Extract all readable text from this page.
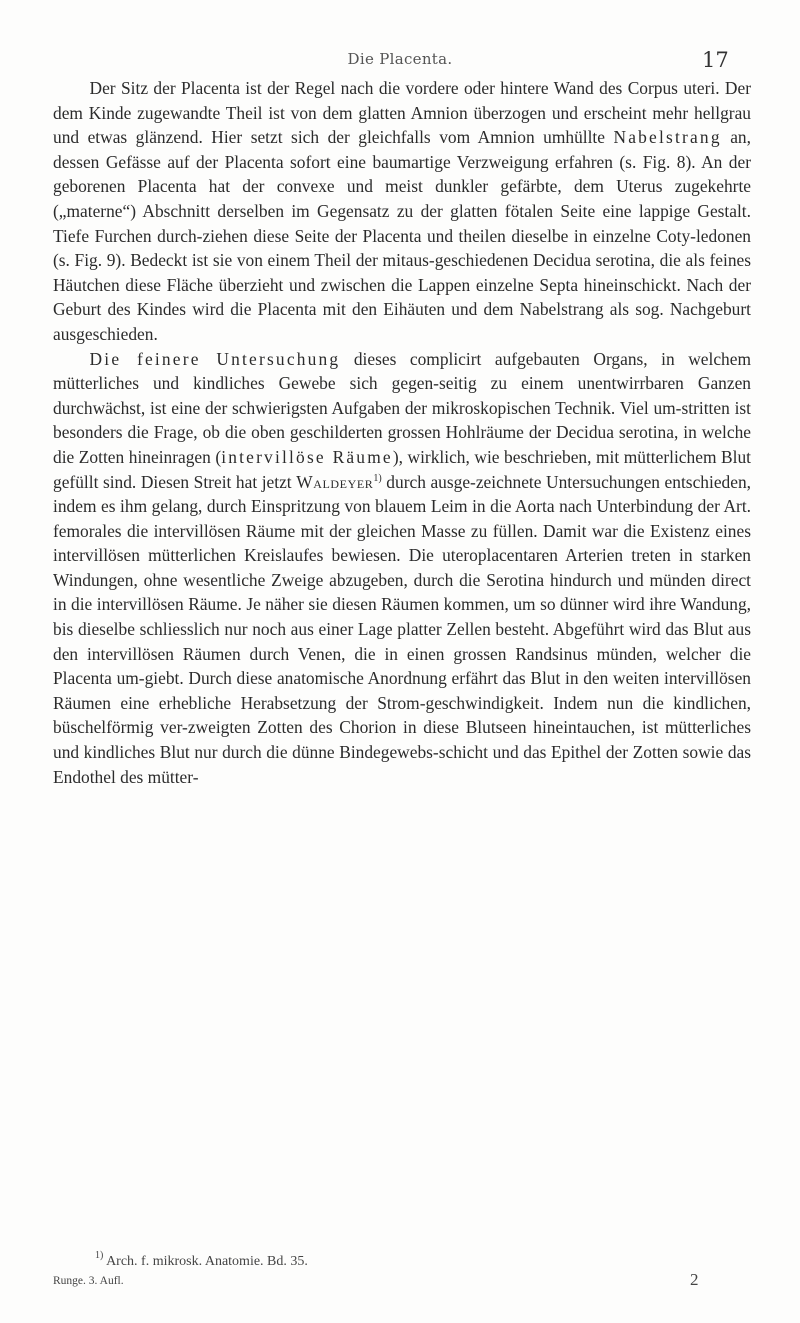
Die Placenta.	17

Der Sitz der Placenta ist der Regel nach die vordere oder hintere Wand des Corpus uteri. Der dem Kinde zugewandte Theil ist von dem glatten Amnion überzogen und erscheint mehr hellgrau und etwas glänzend. Hier setzt sich der gleichfalls vom Amnion umhüllte Nabelstrang an, dessen Gefässe auf der Placenta sofort eine baumartige Verzweigung erfahren (s. Fig. 8). An der geborenen Placenta hat der convexe und meist dunkler gefärbte, dem Uterus zugekehrte („materne“) Abschnitt derselben im Gegensatz zu der glatten fötalen Seite eine lappige Gestalt. Tiefe Furchen durch-ziehen diese Seite der Placenta und theilen dieselbe in einzelne Coty-ledonen (s. Fig. 9). Bedeckt ist sie von einem Theil der mitaus-geschiedenen Decidua serotina, die als feines Häutchen diese Fläche überzieht und zwischen die Lappen einzelne Septa hineinschickt. Nach der Geburt des Kindes wird die Placenta mit den Eihäuten und dem Nabelstrang als sog. Nachgeburt ausgeschieden.

Die feinere Untersuchung dieses complicirt aufgebauten Organs, in welchem mütterliches und kindliches Gewebe sich gegen-seitig zu einem unentwirrbaren Ganzen durchwächst, ist eine der schwierigsten Aufgaben der mikroskopischen Technik. Viel um-stritten ist besonders die Frage, ob die oben geschilderten grossen Hohlräume der Decidua serotina, in welche die Zotten hineinragen (intervillöse Räume), wirklich, wie beschrieben, mit mütterlichem Blut gefüllt sind. Diesen Streit hat jetzt Waldeyer$^{1)}$ durch ausge-zeichnete Untersuchungen entschieden, indem es ihm gelang, durch Einspritzung von blauem Leim in die Aorta nach Unterbindung der Art. femorales die intervillösen Räume mit der gleichen Masse zu füllen. Damit war die Existenz eines intervillösen mütterlichen Kreislaufes bewiesen. Die uteroplacentaren Arterien treten in starken Windungen, ohne wesentliche Zweige abzugeben, durch die Serotina hindurch und münden direct in die intervillösen Räume. Je näher sie diesen Räumen kommen, um so dünner wird ihre Wandung, bis dieselbe schliesslich nur noch aus einer Lage platter Zellen besteht. Abgeführt wird das Blut aus den intervillösen Räumen durch Venen, die in einen grossen Randsinus münden, welcher die Placenta um-giebt. Durch diese anatomische Anordnung erfährt das Blut in den weiten intervillösen Räumen eine erhebliche Herabsetzung der Strom-geschwindigkeit. Indem nun die kindlichen, büschelförmig ver-zweigten Zotten des Chorion in diese Blutseen hineintauchen, ist mütterliches und kindliches Blut nur durch die dünne Bindegewebs-schicht und das Epithel der Zotten sowie das Endothel des mütter-

$^{1)}$ Arch. f. mikrosk. Anatomie. Bd. 35.
Runge. 3. Aufl.	2
